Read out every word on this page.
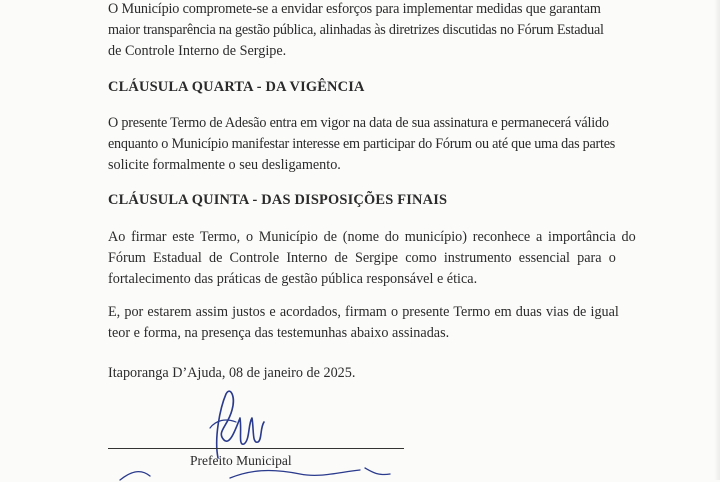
O Município compromete-se a envidar esforços para implementar medidas que garantam
maior transparência na gestão pública, alinhadas às diretrizes discutidas no Fórum Estadual
de Controle Interno de Sergipe.

CLÁUSULA QUARTA - DA VIGÊNCIA

O presente Termo de Adesão entra em vigor na data de sua assinatura e permanecerá válido
enquanto o Município manifestar interesse em participar do Fórum ou até que uma das partes
solicite formalmente o seu desligamento.

CLÁUSULA QUINTA - DAS DISPOSIÇÕES FINAIS

Ao firmar este Termo, o Município de (nome do município) reconhece a importância do
Fórum Estadual de Controle Interno de Sergipe como instrumento essencial para o
fortalecimento das práticas de gestão pública responsável e ética.

E, por estarem assim justos e acordados, firmam o presente Termo em duas vias de igual
teor e forma, na presença das testemunhas abaixo assinadas.

Itaporanga D’Ajuda, 08 de janeiro de 2025.

Prefeito Municipal
